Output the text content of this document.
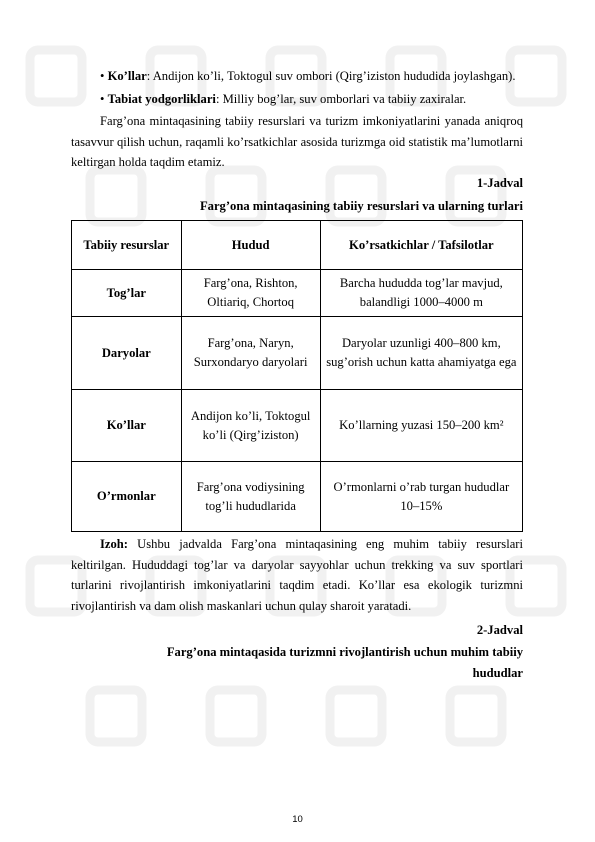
• Ko’llar: Andijon ko’li, Toktogul suv ombori (Qirg’iziston hududida joylashgan).

• Tabiat yodgorliklari: Milliy bog’lar, suv omborlari va tabiiy zaxiralar.

Farg’ona mintaqasining tabiiy resurslari va turizm imkoniyatlarini yanada aniqroq tasavvur qilish uchun, raqamli ko’rsatkichlar asosida turizmga oid statistik ma’lumotlarni keltirgan holda taqdim etamiz.

1-Jadval

Farg’ona mintaqasining tabiiy resurslari va ularning turlari

Tabiiy resurslar	Hudud	Ko’rsatkichlar / Tafsilotlar
Tog’lar	Farg’ona, Rishton, Oltiariq, Chortoq	Barcha hududda tog’lar mavjud, balandligi 1000–4000 m
Daryolar	Farg’ona, Naryn, Surxondaryo daryolari	Daryolar uzunligi 400–800 km, sug’orish uchun katta ahamiyatga ega
Ko’llar	Andijon ko’li, Toktogul ko’li (Qirg’iziston)	Ko’llarning yuzasi 150–200 km²
O’rmonlar	Farg’ona vodiysining tog’li hududlarida	O’rmonlarni o’rab turgan hududlar 10–15%

Izoh: Ushbu jadvalda Farg’ona mintaqasining eng muhim tabiiy resurslari keltirilgan. Hududdagi tog’lar va daryolar sayyohlar uchun trekking va suv sportlari turlarini rivojlantirish imkoniyatlarini taqdim etadi. Ko’llar esa ekologik turizmni rivojlantirish va dam olish maskanlari uchun qulay sharoit yaratadi.

2-Jadval

Farg’ona mintaqasida turizmni rivojlantirish uchun muhim tabiiy hududlar

10
